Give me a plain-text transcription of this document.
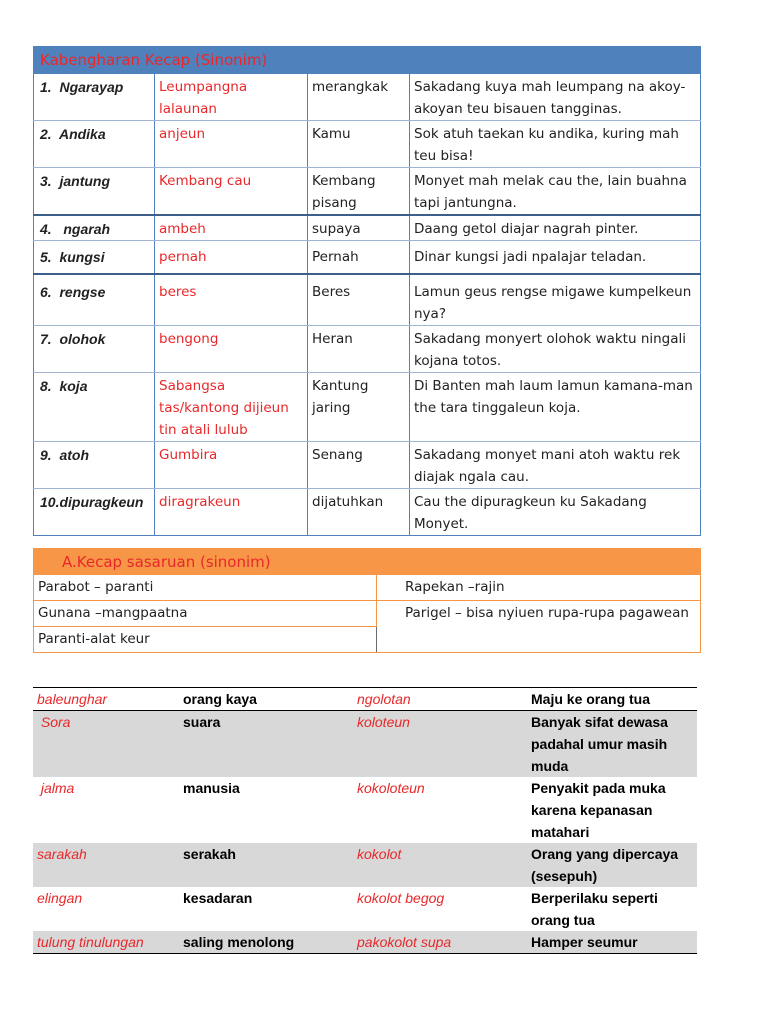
Kabengharan Kecap (Sinonim)			
1. Ngarayap	Leumpangna lalaunan	merangkak	Sakadang kuya mah leumpang na akoy-akoyan teu bisauen tangginas.
2. Andika	anjeun	Kamu	Sok atuh taekan ku andika, kuring mah teu bisa!
3. jantung	Kembang cau	Kembang pisang	Monyet mah melak cau the, lain buahna tapi jantungna.
4. ngarah	ambeh	supaya	Daang getol diajar nagrah pinter.
5. kungsi	pernah	Pernah	Dinar kungsi jadi npalajar teladan.
6. rengse	beres	Beres	Lamun geus rengse migawe kumpelkeun nya?
7. olohok	bengong	Heran	Sakadang monyert olohok waktu ningali kojana totos.
8. koja	Sabangsa tas/kantong dijieun tin atali lulub	Kantung jaring	Di Banten mah laum lamun kamana-man the tara tinggaleun koja.
9. atoh	Gumbira	Senang	Sakadang monyet mani atoh waktu rek diajak ngala cau.
10.dipuragkeun	diragrakeun	dijatuhkan	Cau the dipuragkeun ku Sakadang Monyet.
A.Kecap sasaruan (sinonim)	
Parabot – paranti	Rapekan –rajin
Gunana –mangpaatna	Parigel – bisa nyiuen rupa-rupa pagawean
Paranti-alat keur	
baleunghar	orang kaya	ngolotan	Maju ke orang tua
Sora	suara	koloteun	Banyak sifat dewasa padahal umur masih muda
jalma	manusia	kokoloteun	Penyakit pada muka karena kepanasan matahari
sarakah	serakah	kokolot	Orang yang dipercaya (sesepuh)
elingan	kesadaran	kokolot begog	Berperilaku seperti orang tua
tulung tinulungan	saling menolong	pakokolot supa	Hamper seumur
